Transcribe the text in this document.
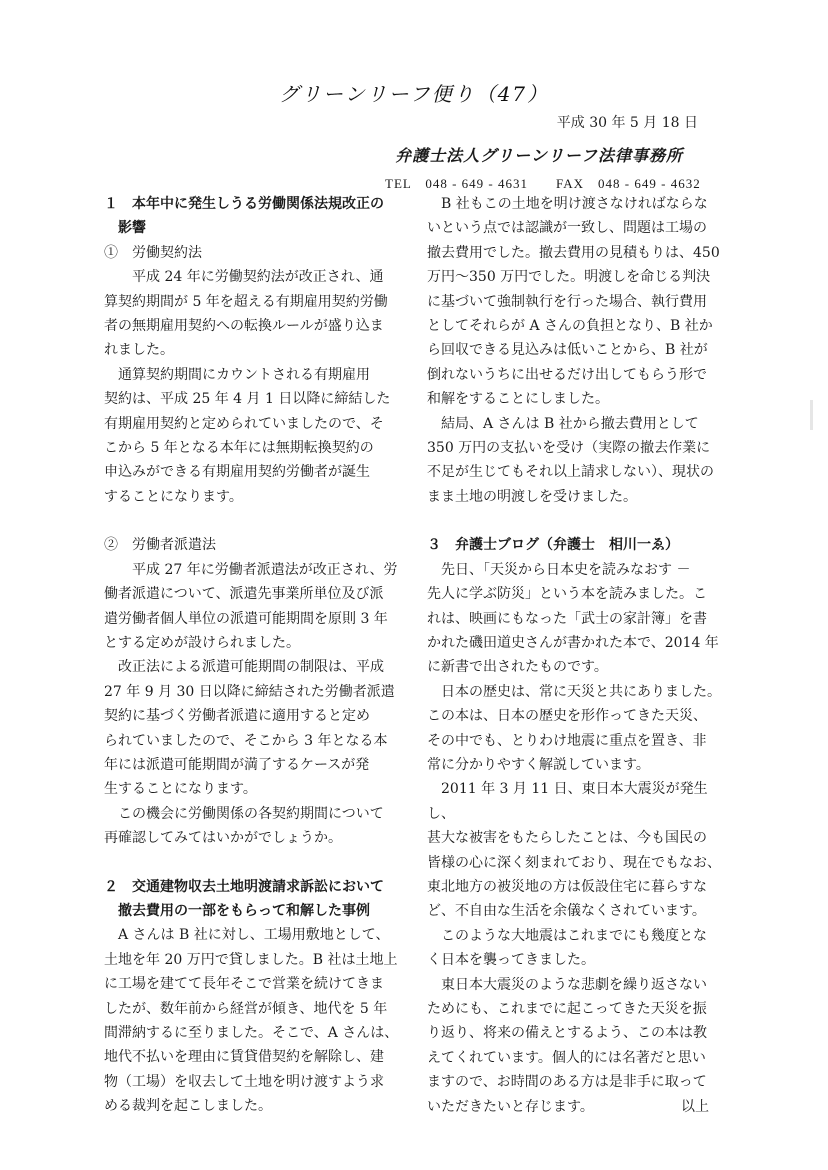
グリーンリーフ便り（47）
平成 30 年 5 月 18 日
弁護士法人グリーンリーフ法律事務所
TEL　048 - 649 - 4631　　FAX　048 - 649 - 4632

１　本年中に発生しうる労働関係法規改正の

影響

①　労働契約法

平成 24 年に労働契約法が改正され、通

算契約期間が 5 年を超える有期雇用契約労働

者の無期雇用契約への転換ルールが盛り込ま

れました。

通算契約期間にカウントされる有期雇用

契約は、平成 25 年 4 月 1 日以降に締結した

有期雇用契約と定められていましたので、そ

こから 5 年となる本年には無期転換契約の

申込みができる有期雇用契約労働者が誕生

することになります。

②　労働者派遣法

平成 27 年に労働者派遣法が改正され、労

働者派遣について、派遣先事業所単位及び派

遣労働者個人単位の派遣可能期間を原則 3 年

とする定めが設けられました。

改正法による派遣可能期間の制限は、平成

27 年 9 月 30 日以降に締結された労働者派遣

契約に基づく労働者派遣に適用すると定め

られていましたので、そこから 3 年となる本

年には派遣可能期間が満了するケースが発

生することになります。

この機会に労働関係の各契約期間について

再確認してみてはいかがでしょうか。

２　交通建物収去土地明渡請求訴訟において

撤去費用の一部をもらって和解した事例

A さんは B 社に対し、工場用敷地として、

土地を年 20 万円で貸しました。B 社は土地上

に工場を建てて長年そこで営業を続けてきま

したが、数年前から経営が傾き、地代を 5 年

間滞納するに至りました。そこで、A さんは、

地代不払いを理由に賃貸借契約を解除し、建

物（工場）を収去して土地を明け渡すよう求

める裁判を起こしました。

B 社もこの土地を明け渡さなければならな

いという点では認識が一致し、問題は工場の

撤去費用でした。撤去費用の見積もりは、450

万円〜350 万円でした。明渡しを命じる判決

に基づいて強制執行を行った場合、執行費用

としてそれらが A さんの負担となり、B 社か

ら回収できる見込みは低いことから、B 社が

倒れないうちに出せるだけ出してもらう形で

和解をすることにしました。

結局、A さんは B 社から撤去費用として

350 万円の支払いを受け（実際の撤去作業に

不足が生じてもそれ以上請求しない）、現状の

まま土地の明渡しを受けました。

３　弁護士ブログ（弁護士　相川一ゑ）

先日、「天災から日本史を読みなおす －

先人に学ぶ防災」という本を読みました。こ

れは、映画にもなった「武士の家計簿」を書

かれた磯田道史さんが書かれた本で、2014 年

に新書で出されたものです。

日本の歴史は、常に天災と共にありました。

この本は、日本の歴史を形作ってきた天災、

その中でも、とりわけ地震に重点を置き、非

常に分かりやすく解説しています。

2011 年 3 月 11 日、東日本大震災が発生し、

甚大な被害をもたらしたことは、今も国民の

皆様の心に深く刻まれており、現在でもなお、

東北地方の被災地の方は仮設住宅に暮らすな

ど、不自由な生活を余儀なくされています。

このような大地震はこれまでにも幾度とな

く日本を襲ってきました。

東日本大震災のような悲劇を繰り返さない

ためにも、これまでに起こってきた天災を振

り返り、将来の備えとするよう、この本は教

えてくれています。個人的には名著だと思い

ますので、お時間のある方は是非手に取って

いただきたいと存じます。	以上
